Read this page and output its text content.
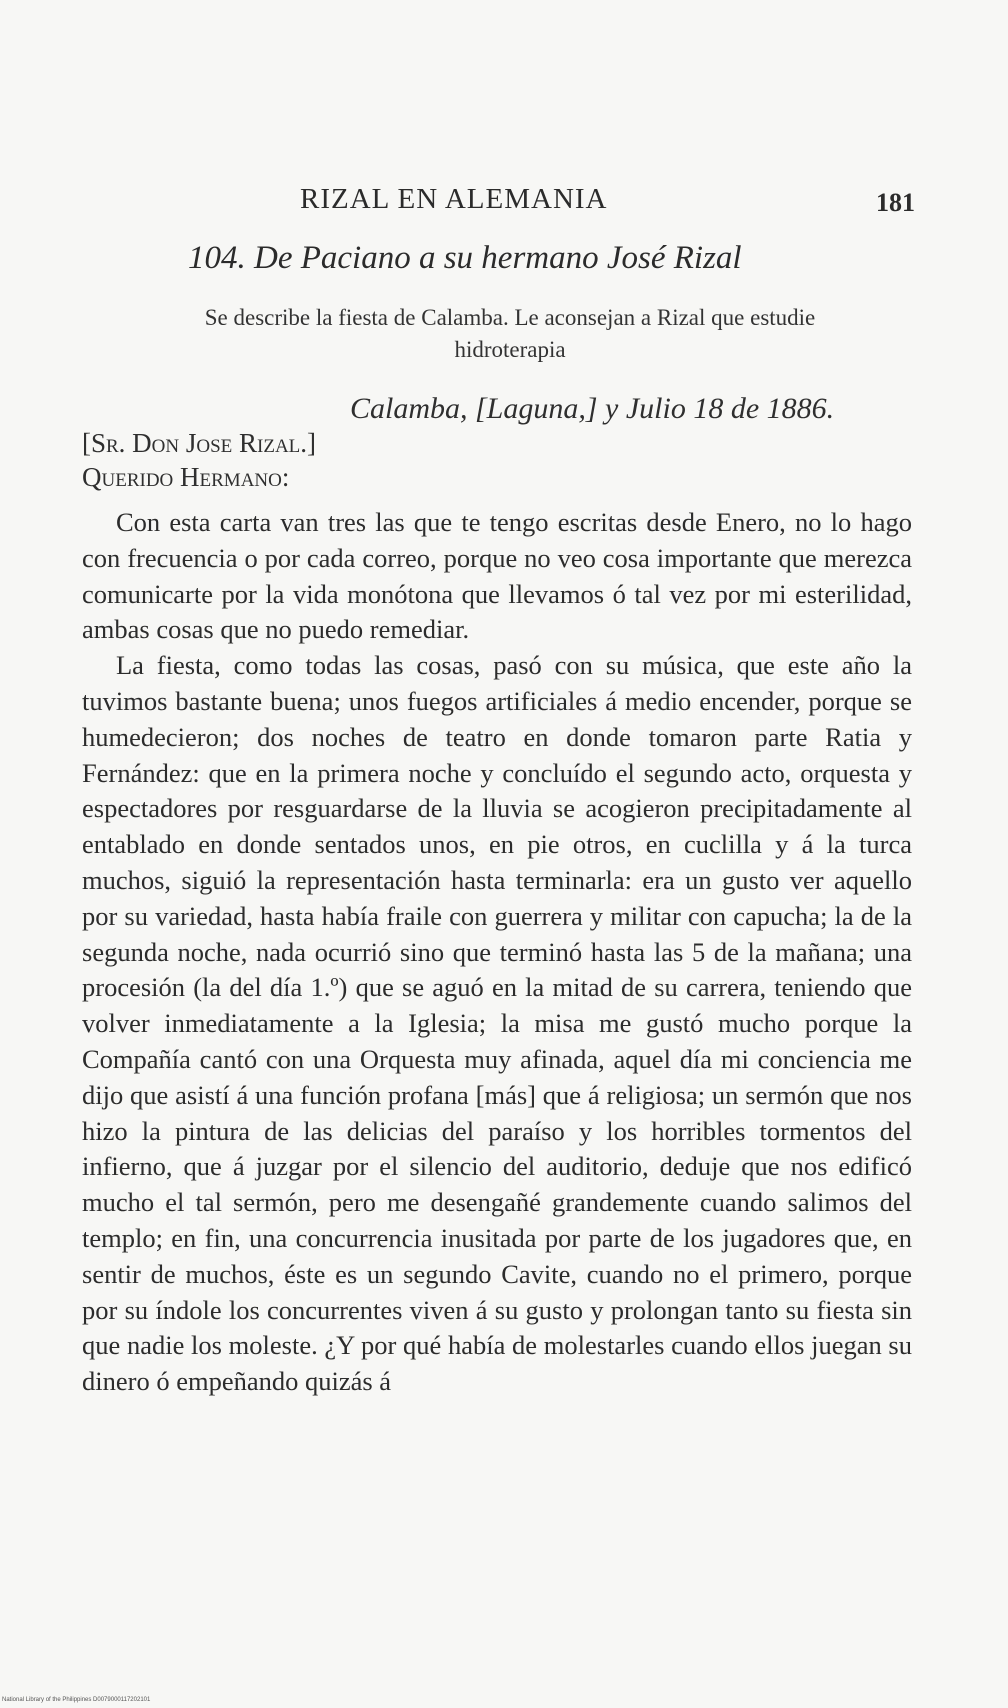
RIZAL EN ALEMANIA	181
104. De Paciano a su hermano José Rizal
Se describe la fiesta de Calamba. Le aconsejan a Rizal que estudie hidroterapia
Calamba, [Laguna,] y Julio 18 de 1886.
[Sr. Don Jose Rizal.]
Querido Hermano:

Con esta carta van tres las que te tengo escritas desde Enero, no lo hago con frecuencia o por cada correo, porque no veo cosa importante que merezca comunicarte por la vida monótona que llevamos ó tal vez por mi esterilidad, ambas cosas que no puedo remediar.

La fiesta, como todas las cosas, pasó con su música, que este año la tuvimos bastante buena; unos fuegos artificiales á medio encender, porque se humedecieron; dos noches de teatro en donde tomaron parte Ratia y Fernández: que en la primera noche y concluído el segundo acto, orquesta y espectadores por resguardarse de la lluvia se acogieron precipitadamente al entablado en donde sentados unos, en pie otros, en cuclilla y á la turca muchos, siguió la representación hasta terminarla: era un gusto ver aquello por su variedad, hasta había fraile con guerrera y militar con capucha; la de la segunda noche, nada ocurrió sino que terminó hasta las 5 de la mañana; una procesión (la del día 1.º) que se aguó en la mitad de su carrera, teniendo que volver inmediatamente a la Iglesia; la misa me gustó mucho porque la Compañía cantó con una Orquesta muy afinada, aquel día mi conciencia me dijo que asistí á una función profana [más] que á religiosa; un sermón que nos hizo la pintura de las delicias del paraíso y los horribles tormentos del infierno, que á juzgar por el silencio del auditorio, deduje que nos edificó mucho el tal sermón, pero me desengañé grandemente cuando salimos del templo; en fin, una concurrencia inusitada por parte de los jugadores que, en sentir de muchos, éste es un segundo Cavite, cuando no el primero, porque por su índole los concurrentes viven á su gusto y prolongan tanto su fiesta sin que nadie los moleste. ¿Y por qué había de molestarles cuando ellos juegan su dinero ó empeñando quizás á

National Library of the Philippines D0079000117202101
